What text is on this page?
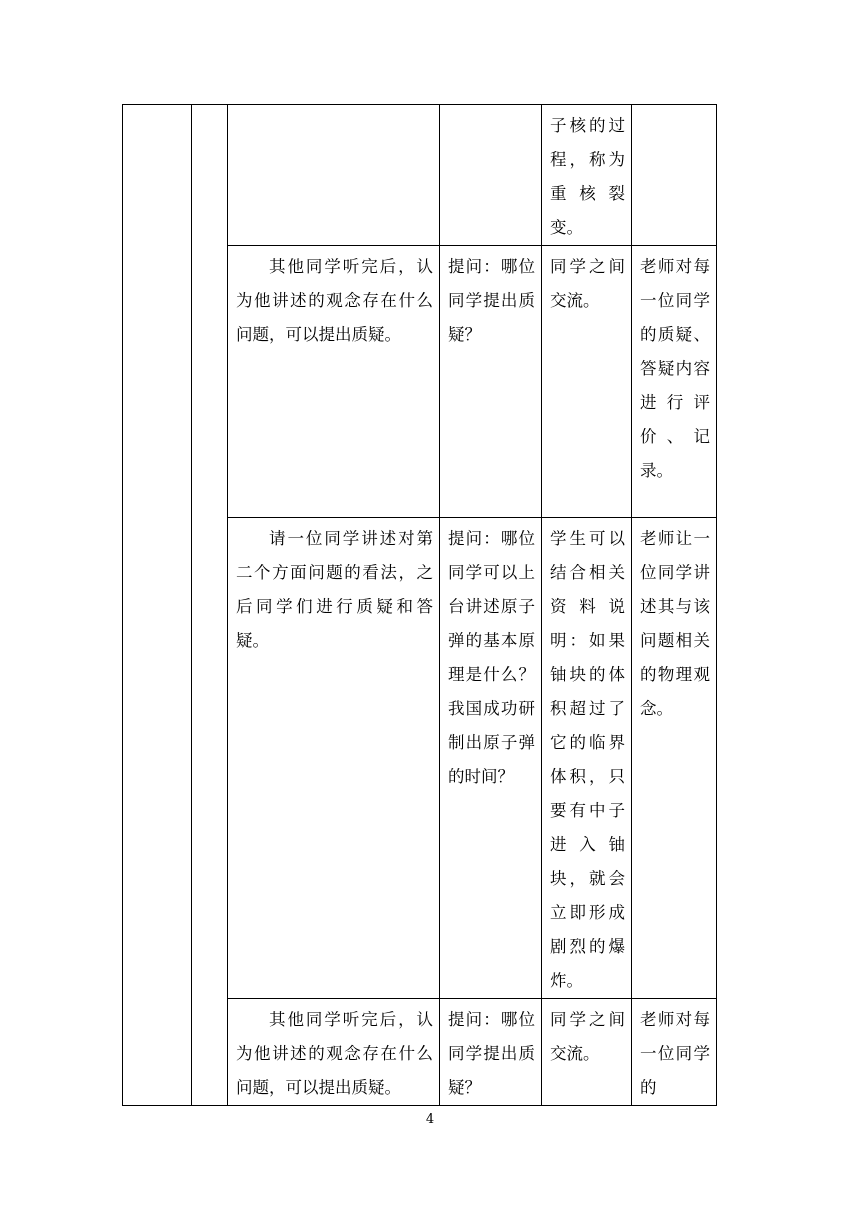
				子核的过程，称为重核裂变。	

		其他同学听完后，认为他讲述的观念存在什么问题，可以提出质疑。	提问：哪位同学提出质疑？	同学之间交流。	老师对每一位同学的质疑、答疑内容进行评价、记录。

		请一位同学讲述对第二个方面问题的看法，之后同学们进行质疑和答疑。	提问：哪位同学可以上台讲述原子弹的基本原理是什么？我国成功研制出原子弹的时间？	学生可以结合相关资料说明：如果铀块的体积超过了它的临界体积，只要有中子进入铀块，就会立即形成剧烈的爆炸。	老师让一位同学讲述其与该问题相关的物理观念。

		其他同学听完后，认为他讲述的观念存在什么问题，可以提出质疑。	提问：哪位同学提出质疑？	同学之间交流。	老师对每一位同学的
4
